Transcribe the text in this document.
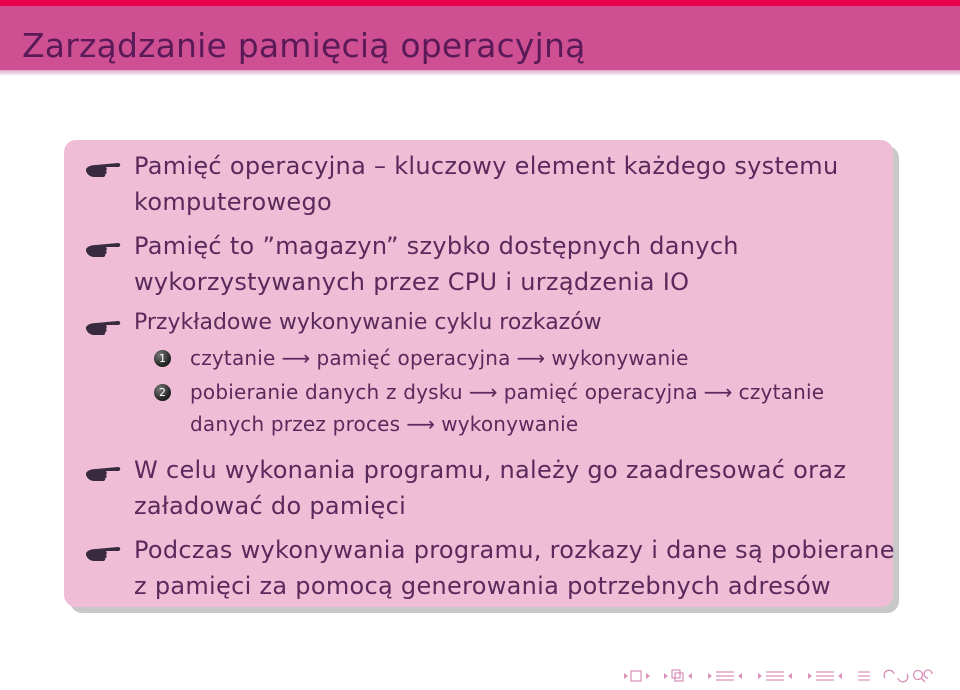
Zarządzanie pamięcią operacyjną
Pamięć operacyjna – kluczowy element każdego systemu
komputerowego
Pamięć to ”magazyn” szybko dostępnych danych
wykorzystywanych przez CPU i urządzenia IO
Przykładowe wykonywanie cyklu rozkazów
1 czytanie ⟶ pamięć operacyjna ⟶ wykonywanie
2 pobieranie danych z dysku ⟶ pamięć operacyjna ⟶ czytanie
danych przez proces ⟶ wykonywanie
W celu wykonania programu, należy go zaadresować oraz
załadować do pamięci
Podczas wykonywania programu, rozkazy i dane są pobierane
z pamięci za pomocą generowania potrzebnych adresów
